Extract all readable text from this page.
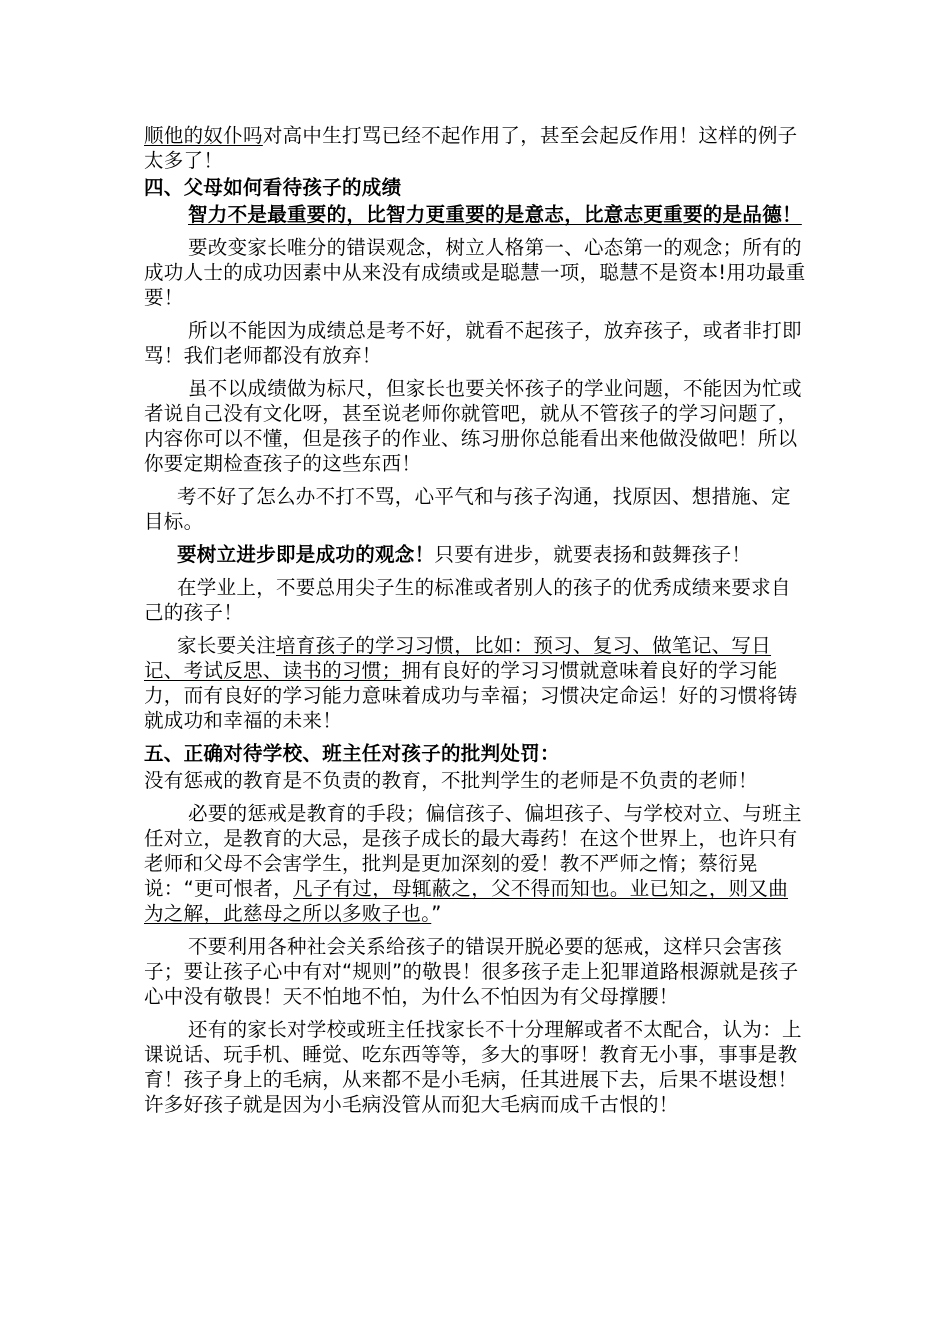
顺他的奴仆吗对高中生打骂已经不起作用了，甚至会起反作用！这样的例子太多了！

四、父母如何看待孩子的成绩

智力不是最重要的，比智力更重要的是意志，比意志更重要的是品德！

要改变家长唯分的错误观念，树立人格第一、心态第一的观念；所有的成功人士的成功因素中从来没有成绩或是聪慧一项，聪慧不是资本!用功最重要！

所以不能因为成绩总是考不好，就看不起孩子，放弃孩子，或者非打即骂！我们老师都没有放弃！

虽不以成绩做为标尺，但家长也要关怀孩子的学业问题，不能因为忙或者说自己没有文化呀，甚至说老师你就管吧，就从不管孩子的学习问题了，内容你可以不懂，但是孩子的作业、练习册你总能看出来他做没做吧！所以你要定期检查孩子的这些东西！

考不好了怎么办不打不骂，心平气和与孩子沟通，找原因、想措施、定目标。

要树立进步即是成功的观念！只要有进步，就要表扬和鼓舞孩子！

在学业上，不要总用尖子生的标准或者别人的孩子的优秀成绩来要求自己的孩子！

家长要关注培育孩子的学习习惯，比如：预习、复习、做笔记、写日记、考试反思、读书的习惯；拥有良好的学习习惯就意味着良好的学习能力，而有良好的学习能力意味着成功与幸福；习惯决定命运！好的习惯将铸就成功和幸福的未来！

五、正确对待学校、班主任对孩子的批判处罚：

没有惩戒的教育是不负责的教育，不批判学生的老师是不负责的老师！

必要的惩戒是教育的手段；偏信孩子、偏坦孩子、与学校对立、与班主任对立，是教育的大忌，是孩子成长的最大毒药！在这个世界上，也许只有老师和父母不会害学生，批判是更加深刻的爱！教不严师之惰；蔡衍晃说：“更可恨者，凡子有过，母辄蔽之，父不得而知也。业已知之，则又曲为之解，此慈母之所以多败子也。”

不要利用各种社会关系给孩子的错误开脱必要的惩戒，这样只会害孩子；要让孩子心中有对“规则”的敬畏！很多孩子走上犯罪道路根源就是孩子心中没有敬畏！天不怕地不怕，为什么不怕因为有父母撑腰！

还有的家长对学校或班主任找家长不十分理解或者不太配合，认为：上课说话、玩手机、睡觉、吃东西等等，多大的事呀！教育无小事，事事是教育！孩子身上的毛病，从来都不是小毛病，任其进展下去，后果不堪设想！许多好孩子就是因为小毛病没管从而犯大毛病而成千古恨的！
